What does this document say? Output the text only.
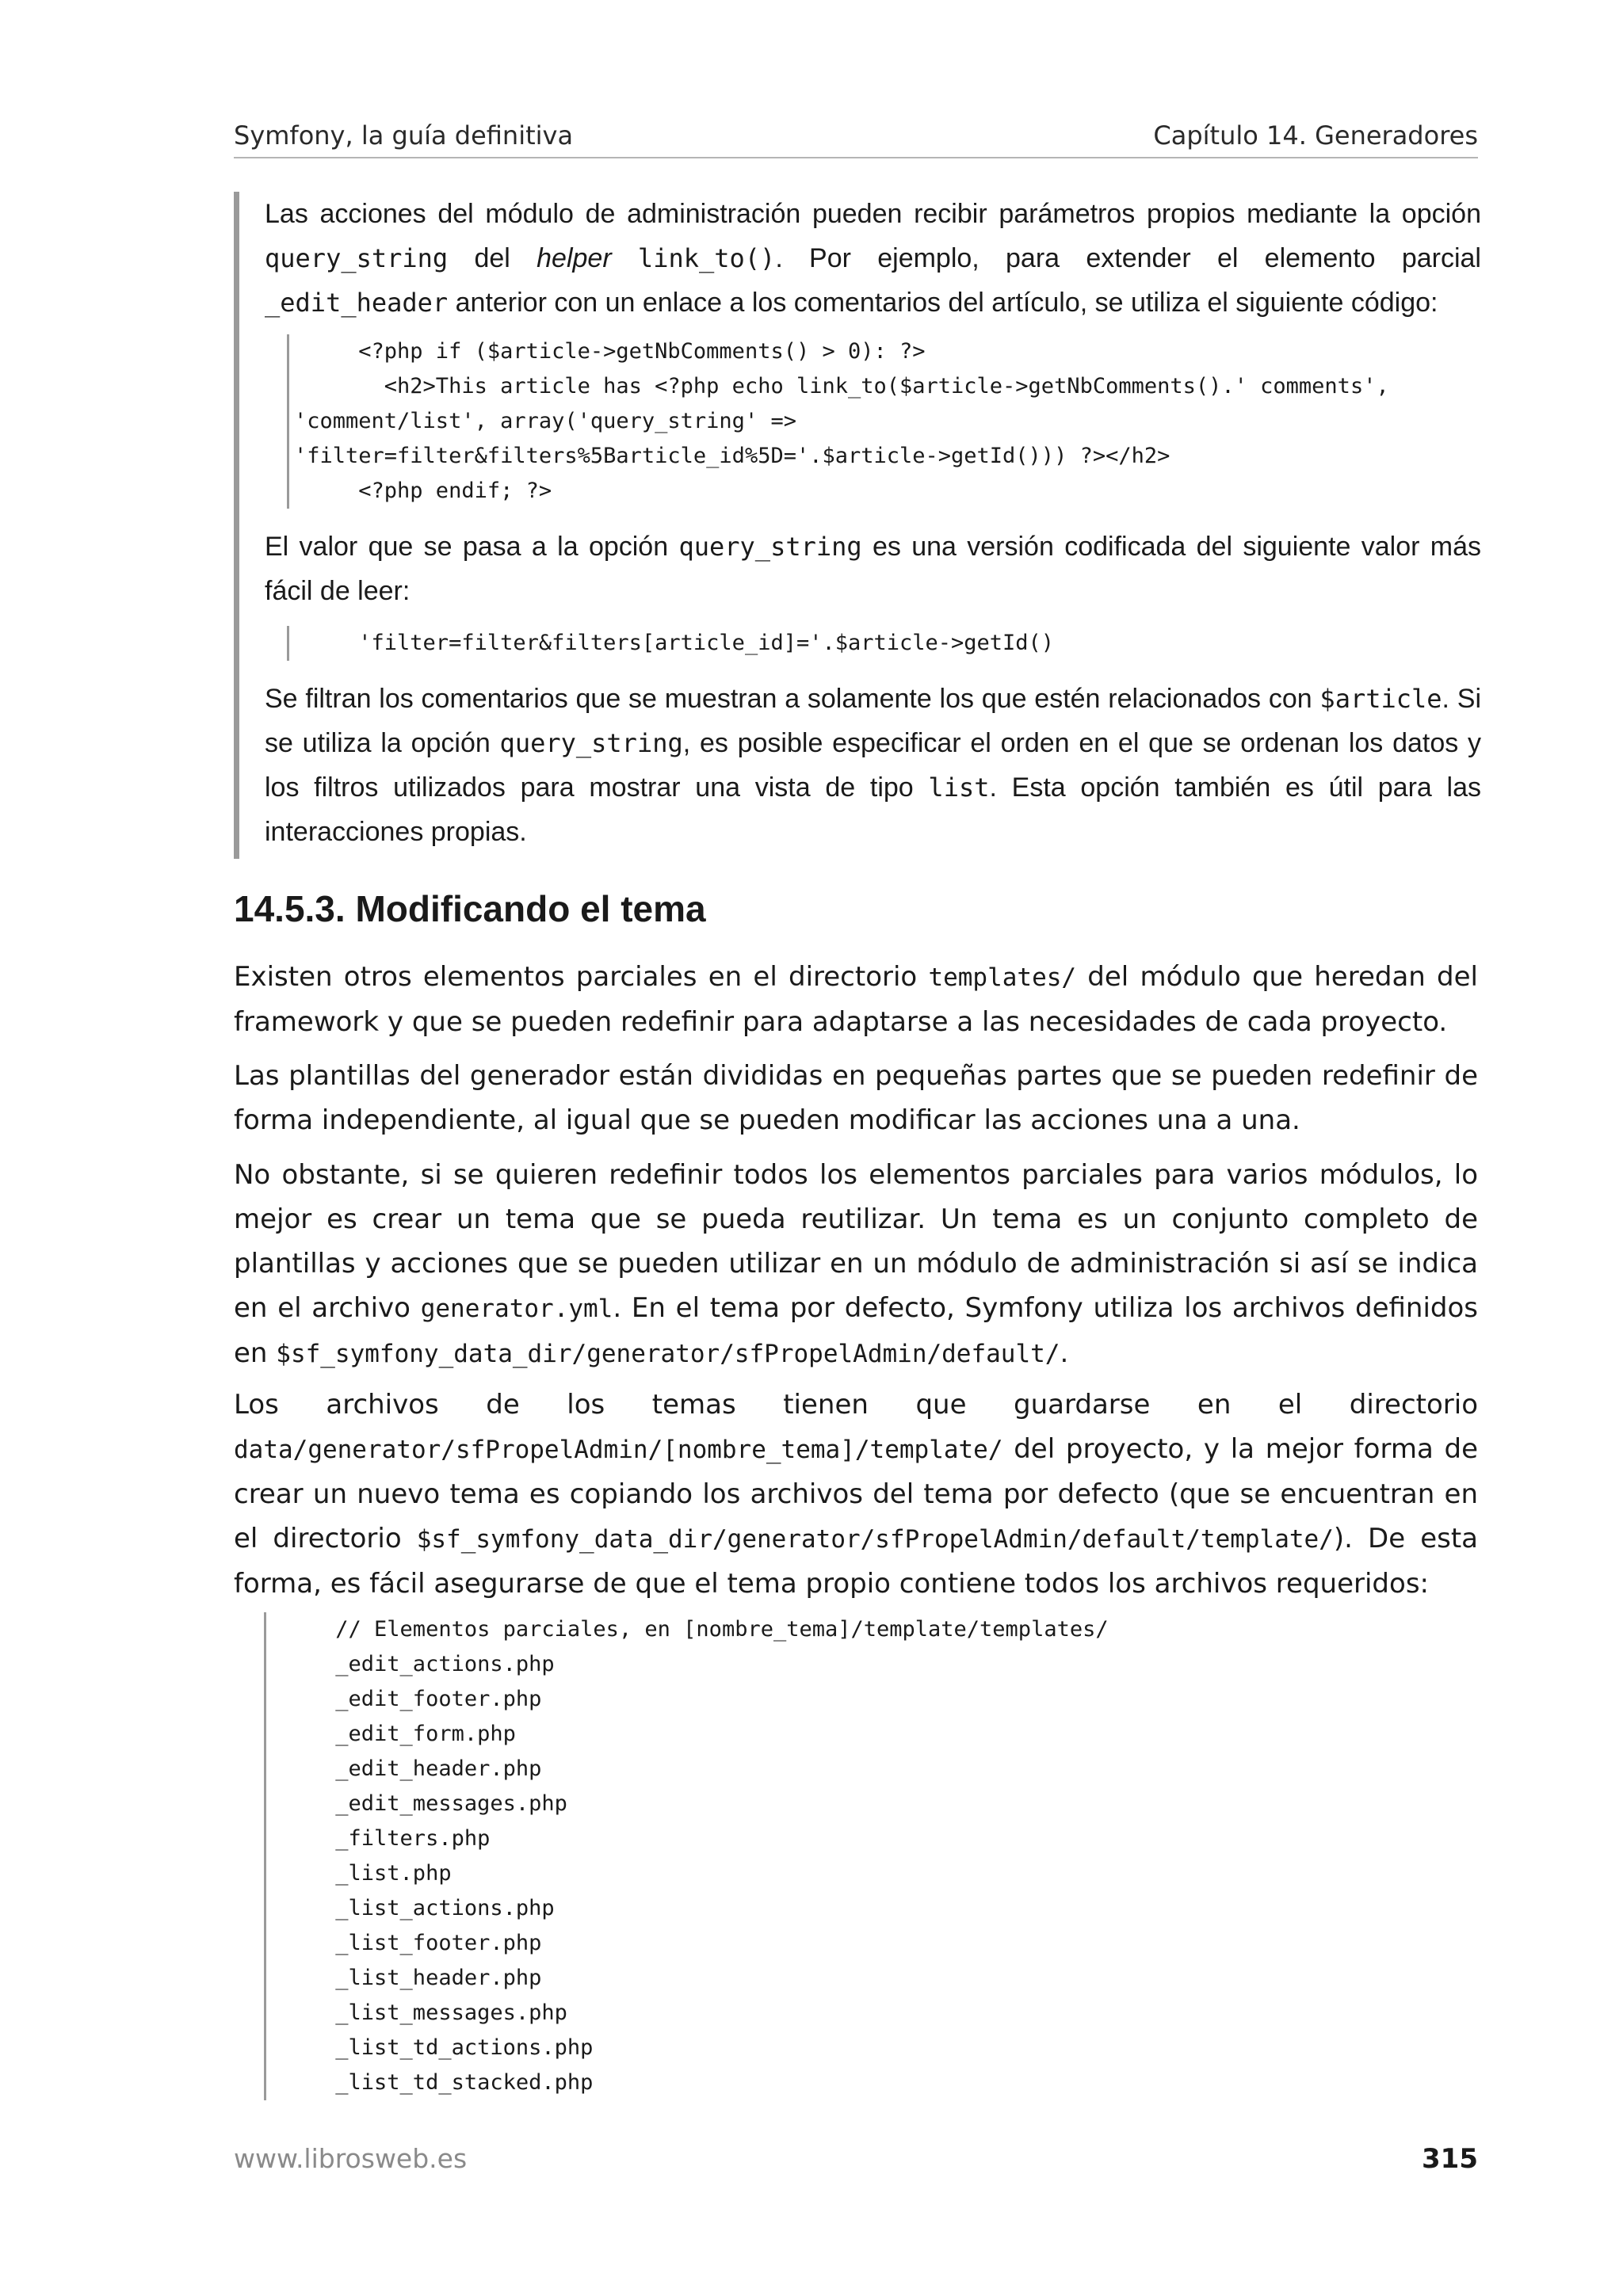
Symfony, la guía definitiva	Capítulo 14. Generadores

Las acciones del módulo de administración pueden recibir parámetros propios mediante la opción query_string del helper link_to(). Por ejemplo, para extender el elemento parcial _edit_header anterior con un enlace a los comentarios del artículo, se utiliza el siguiente código:

<?php if ($article->getNbComments() > 0): ?>
<h2>This article has <?php echo link_to($article->getNbComments().' comments',
'comment/list', array('query_string' =>
'filter=filter&filters%5Barticle_id%5D='.$article->getId())) ?></h2>
<?php endif; ?>

El valor que se pasa a la opción query_string es una versión codificada del siguiente valor más fácil de leer:

'filter=filter&filters[article_id]='.$article->getId()

Se filtran los comentarios que se muestran a solamente los que estén relacionados con $article. Si se utiliza la opción query_string, es posible especificar el orden en el que se ordenan los datos y los filtros utilizados para mostrar una vista de tipo list. Esta opción también es útil para las interacciones propias.

14.5.3. Modificando el tema

Existen otros elementos parciales en el directorio templates/ del módulo que heredan del framework y que se pueden redefinir para adaptarse a las necesidades de cada proyecto.

Las plantillas del generador están divididas en pequeñas partes que se pueden redefinir de forma independiente, al igual que se pueden modificar las acciones una a una.

No obstante, si se quieren redefinir todos los elementos parciales para varios módulos, lo mejor es crear un tema que se pueda reutilizar. Un tema es un conjunto completo de plantillas y acciones que se pueden utilizar en un módulo de administración si así se indica en el archivo generator.yml. En el tema por defecto, Symfony utiliza los archivos definidos en $sf_symfony_data_dir/generator/sfPropelAdmin/default/.

Los archivos de los temas tienen que guardarse en el directorio data/generator/sfPropelAdmin/[nombre_tema]/template/ del proyecto, y la mejor forma de crear un nuevo tema es copiando los archivos del tema por defecto (que se encuentran en el directorio $sf_symfony_data_dir/generator/sfPropelAdmin/default/template/). De esta forma, es fácil asegurarse de que el tema propio contiene todos los archivos requeridos:

// Elementos parciales, en [nombre_tema]/template/templates/
_edit_actions.php
_edit_footer.php
_edit_form.php
_edit_header.php
_edit_messages.php
_filters.php
_list.php
_list_actions.php
_list_footer.php
_list_header.php
_list_messages.php
_list_td_actions.php
_list_td_stacked.php
www.librosweb.es	315
